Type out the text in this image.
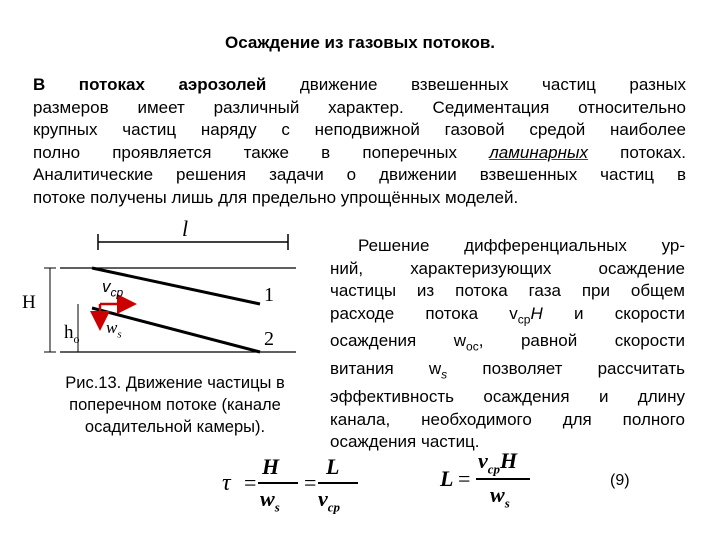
Осаждение из газовых потоков.
В потоках аэрозолей движение взвешенных частиц разных
размеров имеет различный характер. Седиментация относительно
крупных частиц наряду с неподвижной газовой средой наиболее
полно проявляется также в поперечных ламинарных потоках.
Аналитические решения задачи о движении взвешенных частиц в
потоке получены лишь для предельно упрощённых моделей.
l
H
$h_o$
$v_{ср}$
$w_s$
1
2
Рис.13. Движение частицы в
поперечном потоке (канале
осадительной камеры).
Решение дифференциальных ур-
ний, характеризующих осаждение
частицы из потока газа при общем
расходе потока $v_{ср}H$ и скорости
осаждения $w_{ос}$, равной скорости
витания $w_s$ позволяет рассчитать
эффективность осаждения и длину
канала, необходимого для полного
осаждения частиц.
τ =
H
$w_s$
=
L
$v_{cp}$
L =
$v_{cp}H$
$w_s$
(9)
